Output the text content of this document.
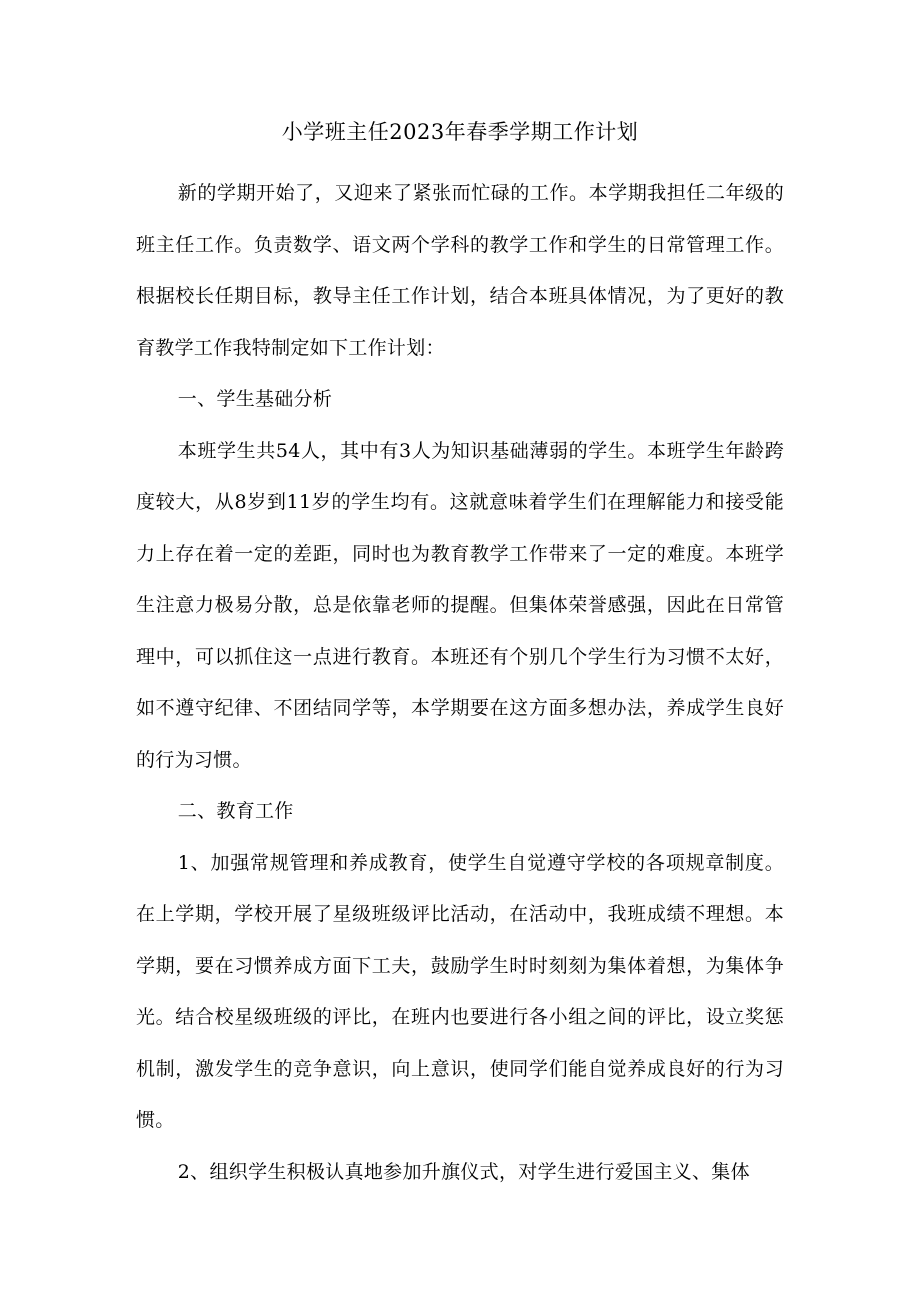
小学班主任2023年春季学期工作计划

新的学期开始了，又迎来了紧张而忙碌的工作。本学期我担任二年级的班主任工作。负责数学、语文两个学科的教学工作和学生的日常管理工作。根据校长任期目标，教导主任工作计划，结合本班具体情况，为了更好的教育教学工作我特制定如下工作计划：

一、学生基础分析

本班学生共54人，其中有3人为知识基础薄弱的学生。本班学生年龄跨度较大，从8岁到11岁的学生均有。这就意味着学生们在理解能力和接受能力上存在着一定的差距，同时也为教育教学工作带来了一定的难度。本班学生注意力极易分散，总是依靠老师的提醒。但集体荣誉感强，因此在日常管理中，可以抓住这一点进行教育。本班还有个别几个学生行为习惯不太好，如不遵守纪律、不团结同学等，本学期要在这方面多想办法，养成学生良好的行为习惯。

二、教育工作

1、加强常规管理和养成教育，使学生自觉遵守学校的各项规章制度。在上学期，学校开展了星级班级评比活动，在活动中，我班成绩不理想。本学期，要在习惯养成方面下工夫，鼓励学生时时刻刻为集体着想，为集体争光。结合校星级班级的评比，在班内也要进行各小组之间的评比，设立奖惩机制，激发学生的竞争意识，向上意识，使同学们能自觉养成良好的行为习惯。

2、组织学生积极认真地参加升旗仪式，对学生进行爱国主义、集体
